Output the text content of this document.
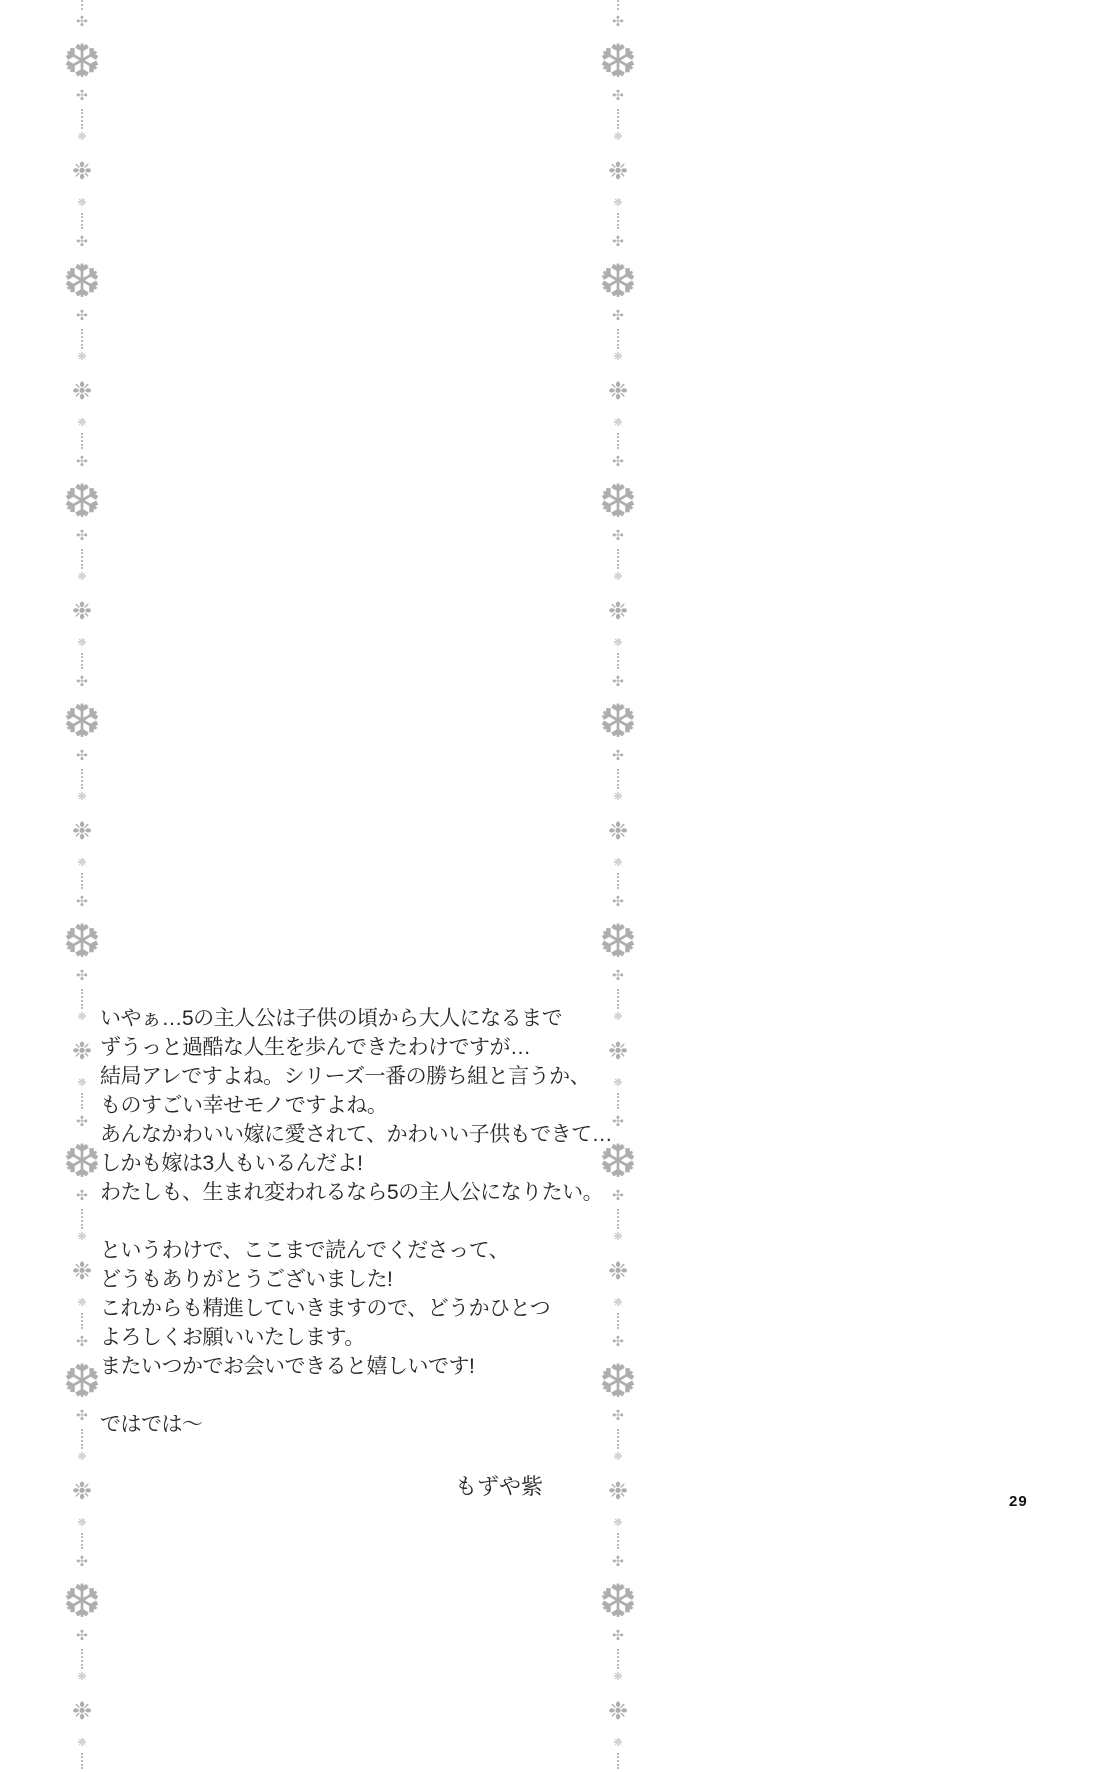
✣
❆
✣
❈
❉
❈
✣
❆
✣
❈
❉
❈
✣
❆
✣
❈
❉
❈
✣
❆
✣
❈
❉
❈
✣
❆
✣
❈
❉
❈
✣
❆
✣
❈
❉
❈
✣
❆
✣
❈
❉
❈
✣
❆
✣
❈
❉
❈
✣
❆
✣
❈
❉
❈
✣
❆
✣
❈
❉
❈
✣
❆
✣
❈
❉
❈
✣
❆
✣
❈
❉
❈
✣
❆
✣
❈
❉
❈
✣
❆
✣
❈
❉
❈
✣
❆
✣
❈
❉
❈
✣
❆
✣
❈
❉
❈
いやぁ…5の主人公は子供の頃から大人になるまで
ずうっと過酷な人生を歩んできたわけですが…
結局アレですよね。シリーズ一番の勝ち組と言うか、
ものすごい幸せモノですよね。
あんなかわいい嫁に愛されて、かわいい子供もできて…
しかも嫁は3人もいるんだよ!
わたしも、生まれ変われるなら5の主人公になりたい。
というわけで、ここまで読んでくださって、
どうもありがとうございました!
これからも精進していきますので、どうかひとつ
よろしくお願いいたします。
またいつかでお会いできると嬉しいです!
ではでは～
もずや紫
29
